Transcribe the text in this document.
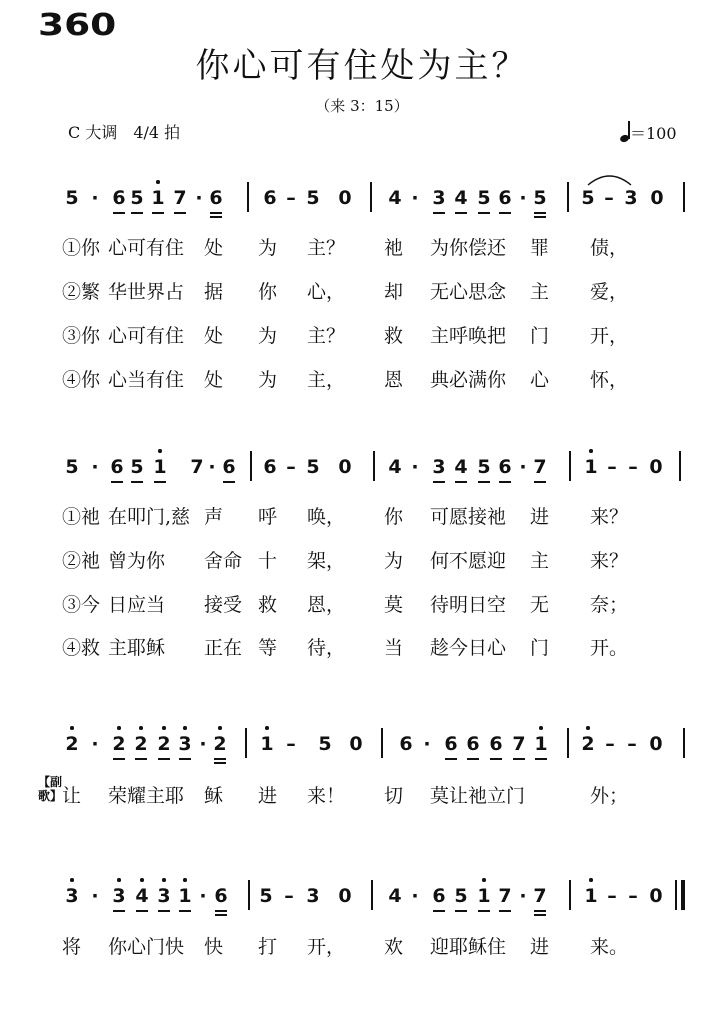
360
你心可有住处为主？
（来 3：15）
C 大调　4/4 拍	＝100
5 · 6 5 1 7 · 6 6 – 5 0 4 · 3 4 5 6 · 5 5 – 3 0
①你 心可有住 处 为 主？ 祂 为你偿还 罪 债，
②繁 华世界占 据 你 心， 却 无心思念 主 爱，
③你 心可有住 处 为 主？ 救 主呼唤把 门 开，
④你 心当有住 处 为 主， 恩 典必满你 心 怀，
5 · 6 5 1 7 · 6 6 – 5 0 4 · 3 4 5 6 · 7 1 – – 0
①祂 在叩门,慈 声 呼 唤， 你 可愿接祂 进 来？
②祂 曾为你 舍命 十 架， 为 何不愿迎 主 来？
③今 日应当 接受 救 恩， 莫 待明日空 无 奈；
④救 主耶稣 正在 等 待， 当 趁今日心 门 开。
2 · 2 2 2 3 · 2 1 – 5 0 6 · 6 6 6 7 1 2 – – 0
【副歌】 让 荣耀主耶 稣 进 来！ 切 莫让祂立门	外；
3 · 3 4 3 1 · 6 5 – 3 0 4 · 6 5 1 7 · 7 1 – – 0
将 你心门快 快 打 开， 欢 迎耶稣住 进 来。
